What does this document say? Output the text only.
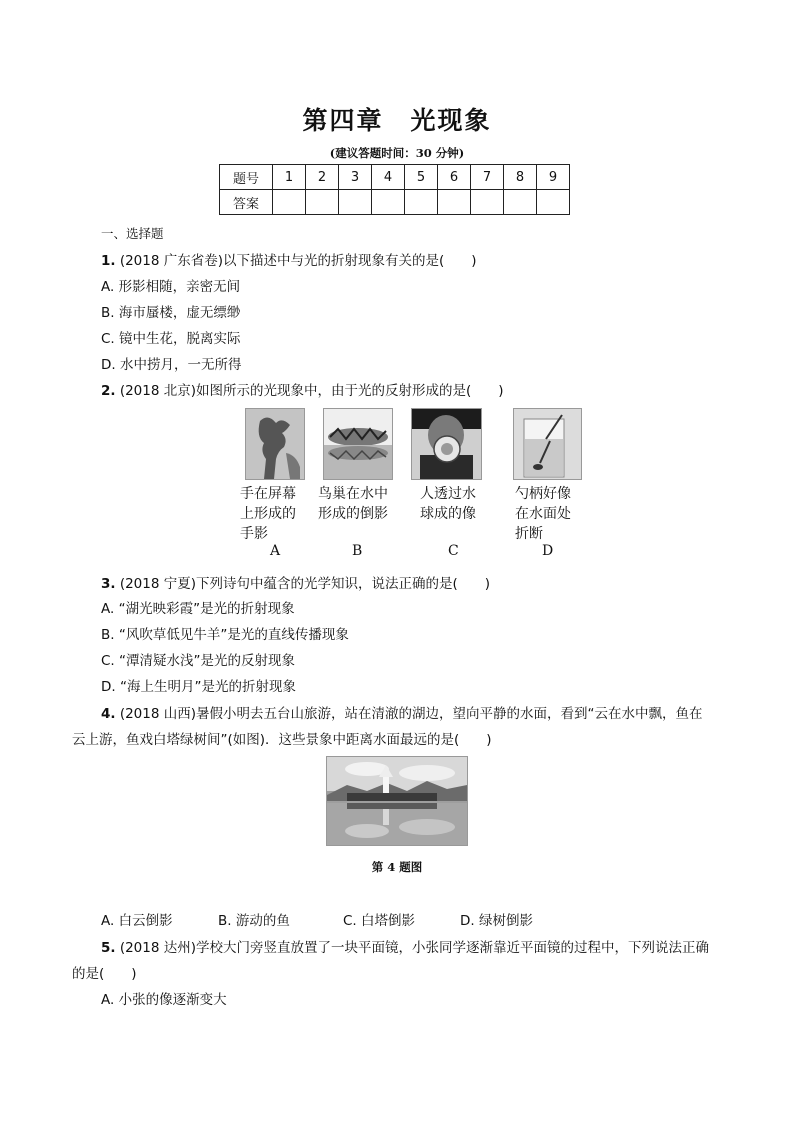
第四章　光现象
(建议答题时间：30 分钟)
题号	1	2	3	4	5	6	7	8	9
答案									
一、选择题
1. (2018 广东省卷)以下描述中与光的折射现象有关的是(　　)
A. 形影相随，亲密无间
B. 海市蜃楼，虚无缥缈
C. 镜中生花，脱离实际
D. 水中捞月，一无所得
2. (2018 北京)如图所示的光现象中，由于光的反射形成的是(　　)
手在屏幕
上形成的
手影
鸟巢在水中
形成的倒影
人透过水
球成的像
勺柄好像
在水面处
折断
A	B	C	D
3. (2018 宁夏)下列诗句中蕴含的光学知识，说法正确的是(　　)
A. “湖光映彩霞”是光的折射现象
B. “风吹草低见牛羊”是光的直线传播现象
C. “潭清疑水浅”是光的反射现象
D. “海上生明月”是光的折射现象
4. (2018 山西)暑假小明去五台山旅游，站在清澈的湖边，望向平静的水面，看到“云在水中飘，鱼在
云上游，鱼戏白塔绿树间”(如图)．这些景象中距离水面最远的是(　　)
第 4 题图
A. 白云倒影	B. 游动的鱼	C. 白塔倒影	D. 绿树倒影
5. (2018 达州)学校大门旁竖直放置了一块平面镜，小张同学逐渐靠近平面镜的过程中，下列说法正确
的是(　　)
A. 小张的像逐渐变大
